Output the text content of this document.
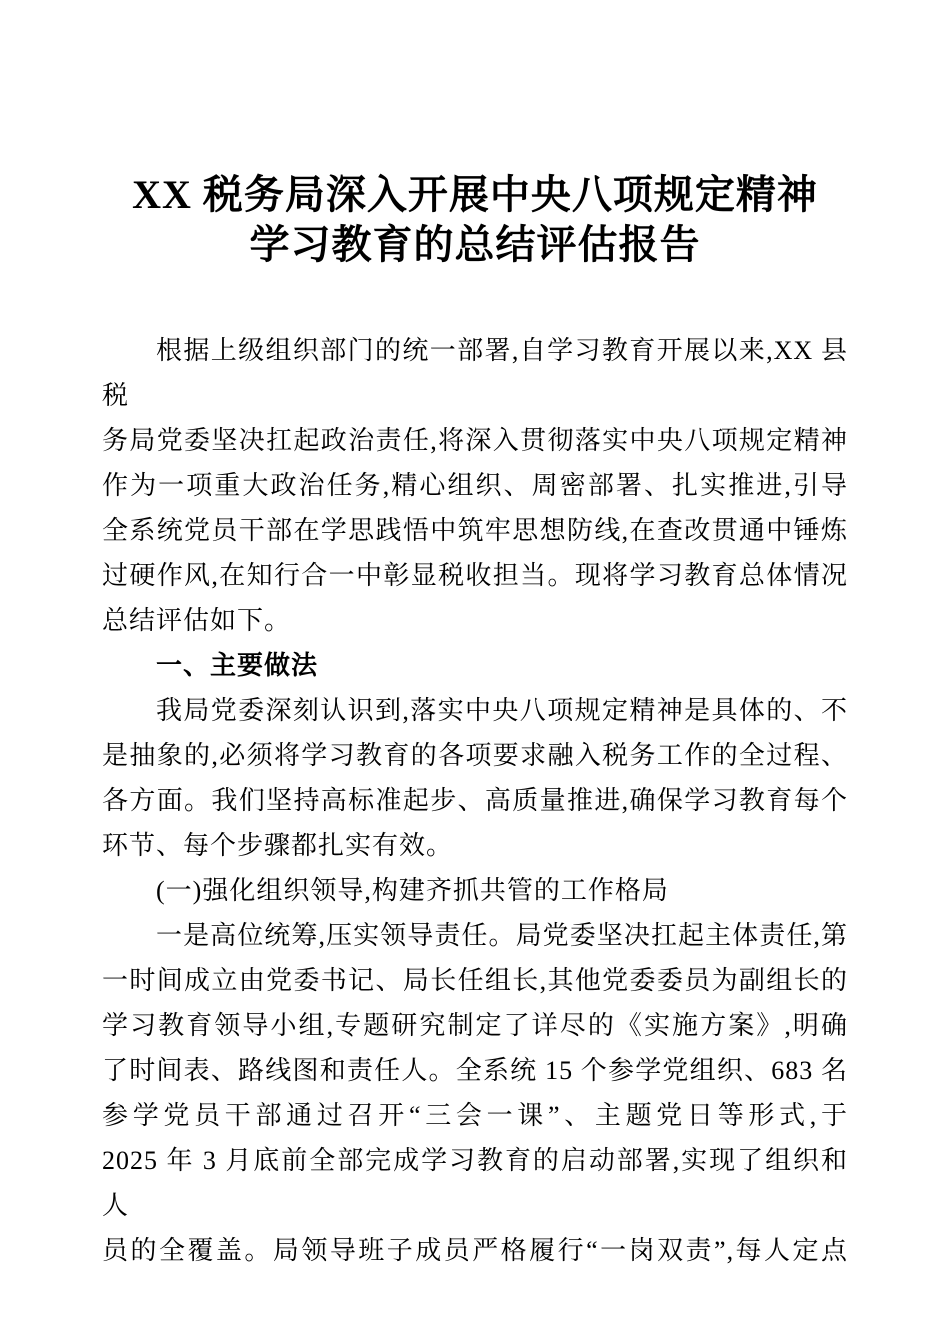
XX 税务局深入开展中央八项规定精神
学习教育的总结评估报告
根据上级组织部门的统一部署,自学习教育开展以来,XX 县税
务局党委坚决扛起政治责任,将深入贯彻落实中央八项规定精神
作为一项重大政治任务,精心组织、周密部署、扎实推进,引导
全系统党员干部在学思践悟中筑牢思想防线,在查改贯通中锤炼
过硬作风,在知行合一中彰显税收担当。现将学习教育总体情况
总结评估如下。
一、主要做法
我局党委深刻认识到,落实中央八项规定精神是具体的、不
是抽象的,必须将学习教育的各项要求融入税务工作的全过程、
各方面。我们坚持高标准起步、高质量推进,确保学习教育每个
环节、每个步骤都扎实有效。
(一)强化组织领导,构建齐抓共管的工作格局
一是高位统筹,压实领导责任。局党委坚决扛起主体责任,第
一时间成立由党委书记、局长任组长,其他党委委员为副组长的
学习教育领导小组,专题研究制定了详尽的《实施方案》,明确
了时间表、路线图和责任人。全系统 15 个参学党组织、683 名
参学党员干部通过召开“三会一课”、主题党日等形式,于
2025 年 3 月底前全部完成学习教育的启动部署,实现了组织和人
员的全覆盖。局领导班子成员严格履行“一岗双责”,每人定点
